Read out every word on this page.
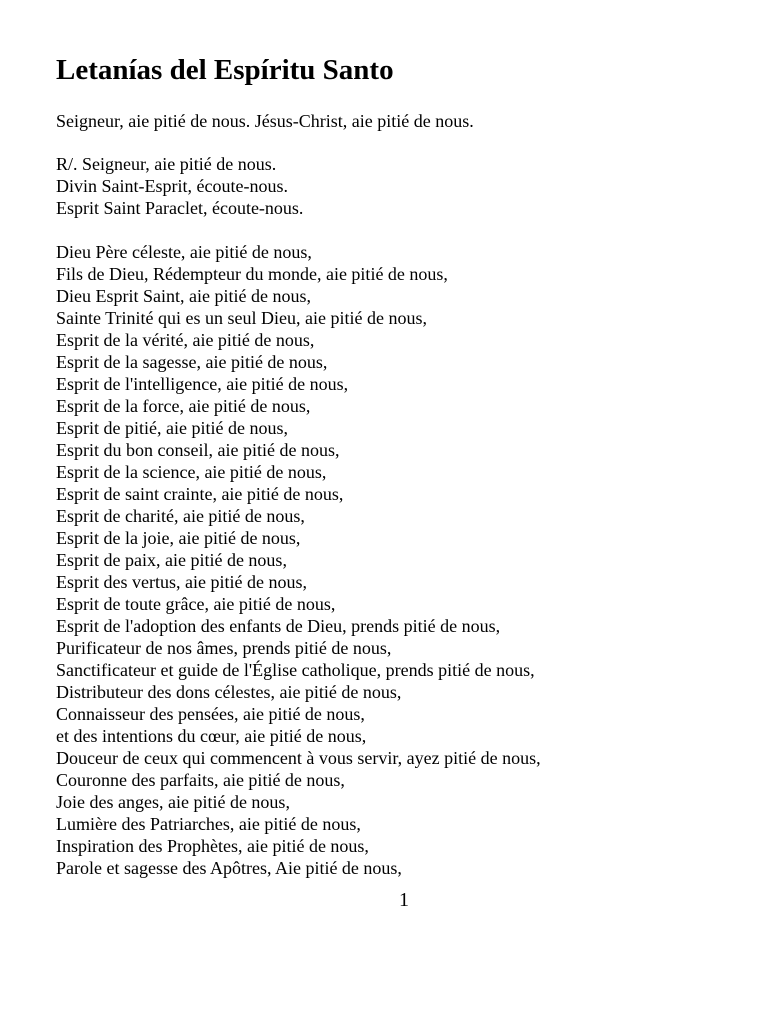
Letanías del Espíritu Santo

Seigneur, aie pitié de nous. Jésus-Christ, aie pitié de nous.

R/. Seigneur, aie pitié de nous.
Divin Saint-Esprit, écoute-nous.
Esprit Saint Paraclet, écoute-nous.
Dieu Père céleste, aie pitié de nous,
Fils de Dieu, Rédempteur du monde, aie pitié de nous,
Dieu Esprit Saint, aie pitié de nous,
Sainte Trinité qui es un seul Dieu, aie pitié de nous,
Esprit de la vérité, aie pitié de nous,
Esprit de la sagesse, aie pitié de nous,
Esprit de l'intelligence, aie pitié de nous,
Esprit de la force, aie pitié de nous,
Esprit de pitié, aie pitié de nous,
Esprit du bon conseil, aie pitié de nous,
Esprit de la science, aie pitié de nous,
Esprit de saint crainte, aie pitié de nous,
Esprit de charité, aie pitié de nous,
Esprit de la joie, aie pitié de nous,
Esprit de paix, aie pitié de nous,
Esprit des vertus, aie pitié de nous,
Esprit de toute grâce, aie pitié de nous,
Esprit de l'adoption des enfants de Dieu, prends pitié de nous,
Purificateur de nos âmes, prends pitié de nous,
Sanctificateur et guide de l'Église catholique, prends pitié de nous,
Distributeur des dons célestes, aie pitié de nous,
Connaisseur des pensées, aie pitié de nous,
et des intentions du cœur, aie pitié de nous,
Douceur de ceux qui commencent à vous servir, ayez pitié de nous,
Couronne des parfaits, aie pitié de nous,
Joie des anges, aie pitié de nous,
Lumière des Patriarches, aie pitié de nous,
Inspiration des Prophètes, aie pitié de nous,
Parole et sagesse des Apôtres, Aie pitié de nous,
1
